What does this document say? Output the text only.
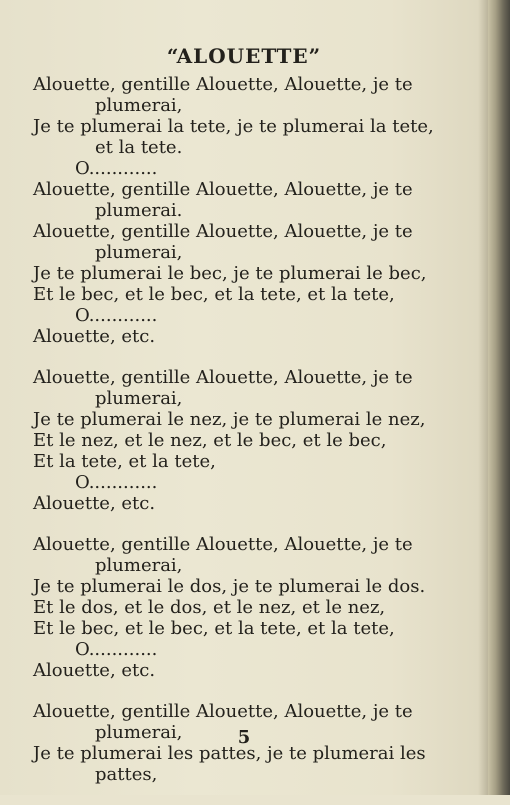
“ALOUETTE”
Alouette, gentille Alouette, Alouette, je te
plumerai,
Je te plumerai la tete, je te plumerai la tete,
et la tete.
O............
Alouette, gentille Alouette, Alouette, je te
plumerai.
Alouette, gentille Alouette, Alouette, je te
plumerai,
Je te plumerai le bec, je te plumerai le bec,
Et le bec, et le bec, et la tete, et la tete,
O............
Alouette, etc.
Alouette, gentille Alouette, Alouette, je te
plumerai,
Je te plumerai le nez, je te plumerai le nez,
Et le nez, et le nez, et le bec, et le bec,
Et la tete, et la tete,
O............
Alouette, etc.
Alouette, gentille Alouette, Alouette, je te
plumerai,
Je te plumerai le dos, je te plumerai le dos.
Et le dos, et le dos, et le nez, et le nez,
Et le bec, et le bec, et la tete, et la tete,
O............
Alouette, etc.
Alouette, gentille Alouette, Alouette, je te
plumerai,
Je te plumerai les pattes, je te plumerai les
pattes,
5
